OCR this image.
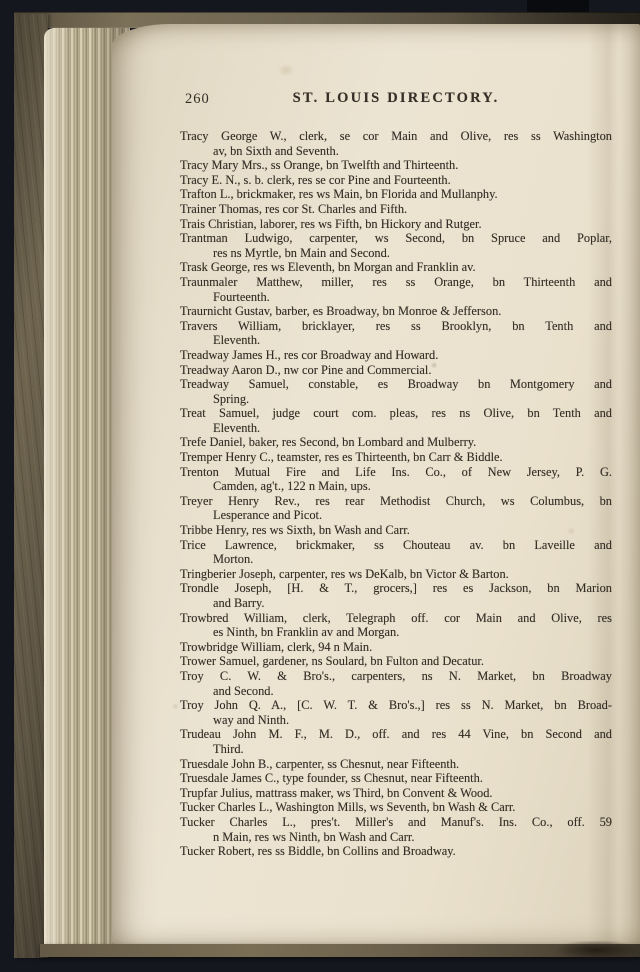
260	ST. LOUIS DIRECTORY.
Tracy George W., clerk, se cor Main and Olive, res ss Washington
av, bn Sixth and Seventh.
Tracy Mary Mrs., ss Orange, bn Twelfth and Thirteenth.
Tracy E. N., s. b. clerk, res se cor Pine and Fourteenth.
Trafton L., brickmaker, res ws Main, bn Florida and Mullanphy.
Trainer Thomas, res cor St. Charles and Fifth.
Trais Christian, laborer, res ws Fifth, bn Hickory and Rutger.
Trantman Ludwigo, carpenter, ws Second, bn Spruce and Poplar,
res ns Myrtle, bn Main and Second.
Trask George, res ws Eleventh, bn Morgan and Franklin av.
Traunmaler Matthew, miller, res ss Orange, bn Thirteenth and
Fourteenth.
Traurnicht Gustav, barber, es Broadway, bn Monroe & Jefferson.
Travers William, bricklayer, res ss Brooklyn, bn Tenth and
Eleventh.
Treadway James H., res cor Broadway and Howard.
Treadway Aaron D., nw cor Pine and Commercial.
Treadway Samuel, constable, es Broadway bn Montgomery and
Spring.
Treat Samuel, judge court com. pleas, res ns Olive, bn Tenth and
Eleventh.
Trefe Daniel, baker, res Second, bn Lombard and Mulberry.
Tremper Henry C., teamster, res es Thirteenth, bn Carr & Biddle.
Trenton Mutual Fire and Life Ins. Co., of New Jersey, P. G.
Camden, ag't., 122 n Main, ups.
Treyer Henry Rev., res rear Methodist Church, ws Columbus, bn
Lesperance and Picot.
Tribbe Henry, res ws Sixth, bn Wash and Carr.
Trice Lawrence, brickmaker, ss Chouteau av. bn Laveille and
Morton.
Tringberier Joseph, carpenter, res ws DeKalb, bn Victor & Barton.
Trondle Joseph, [H. & T., grocers,] res es Jackson, bn Marion
and Barry.
Trowbred William, clerk, Telegraph off. cor Main and Olive, res
es Ninth, bn Franklin av and Morgan.
Trowbridge William, clerk, 94 n Main.
Trower Samuel, gardener, ns Soulard, bn Fulton and Decatur.
Troy C. W. & Bro's., carpenters, ns N. Market, bn Broadway
and Second.
Troy John Q. A., [C. W. T. & Bro's.,] res ss N. Market, bn Broad-
way and Ninth.
Trudeau John M. F., M. D., off. and res 44 Vine, bn Second and
Third.
Truesdale John B., carpenter, ss Chesnut, near Fifteenth.
Truesdale James C., type founder, ss Chesnut, near Fifteenth.
Trupfar Julius, mattrass maker, ws Third, bn Convent & Wood.
Tucker Charles L., Washington Mills, ws Seventh, bn Wash & Carr.
Tucker Charles L., pres't. Miller's and Manuf's. Ins. Co., off. 59
n Main, res ws Ninth, bn Wash and Carr.
Tucker Robert, res ss Biddle, bn Collins and Broadway.
